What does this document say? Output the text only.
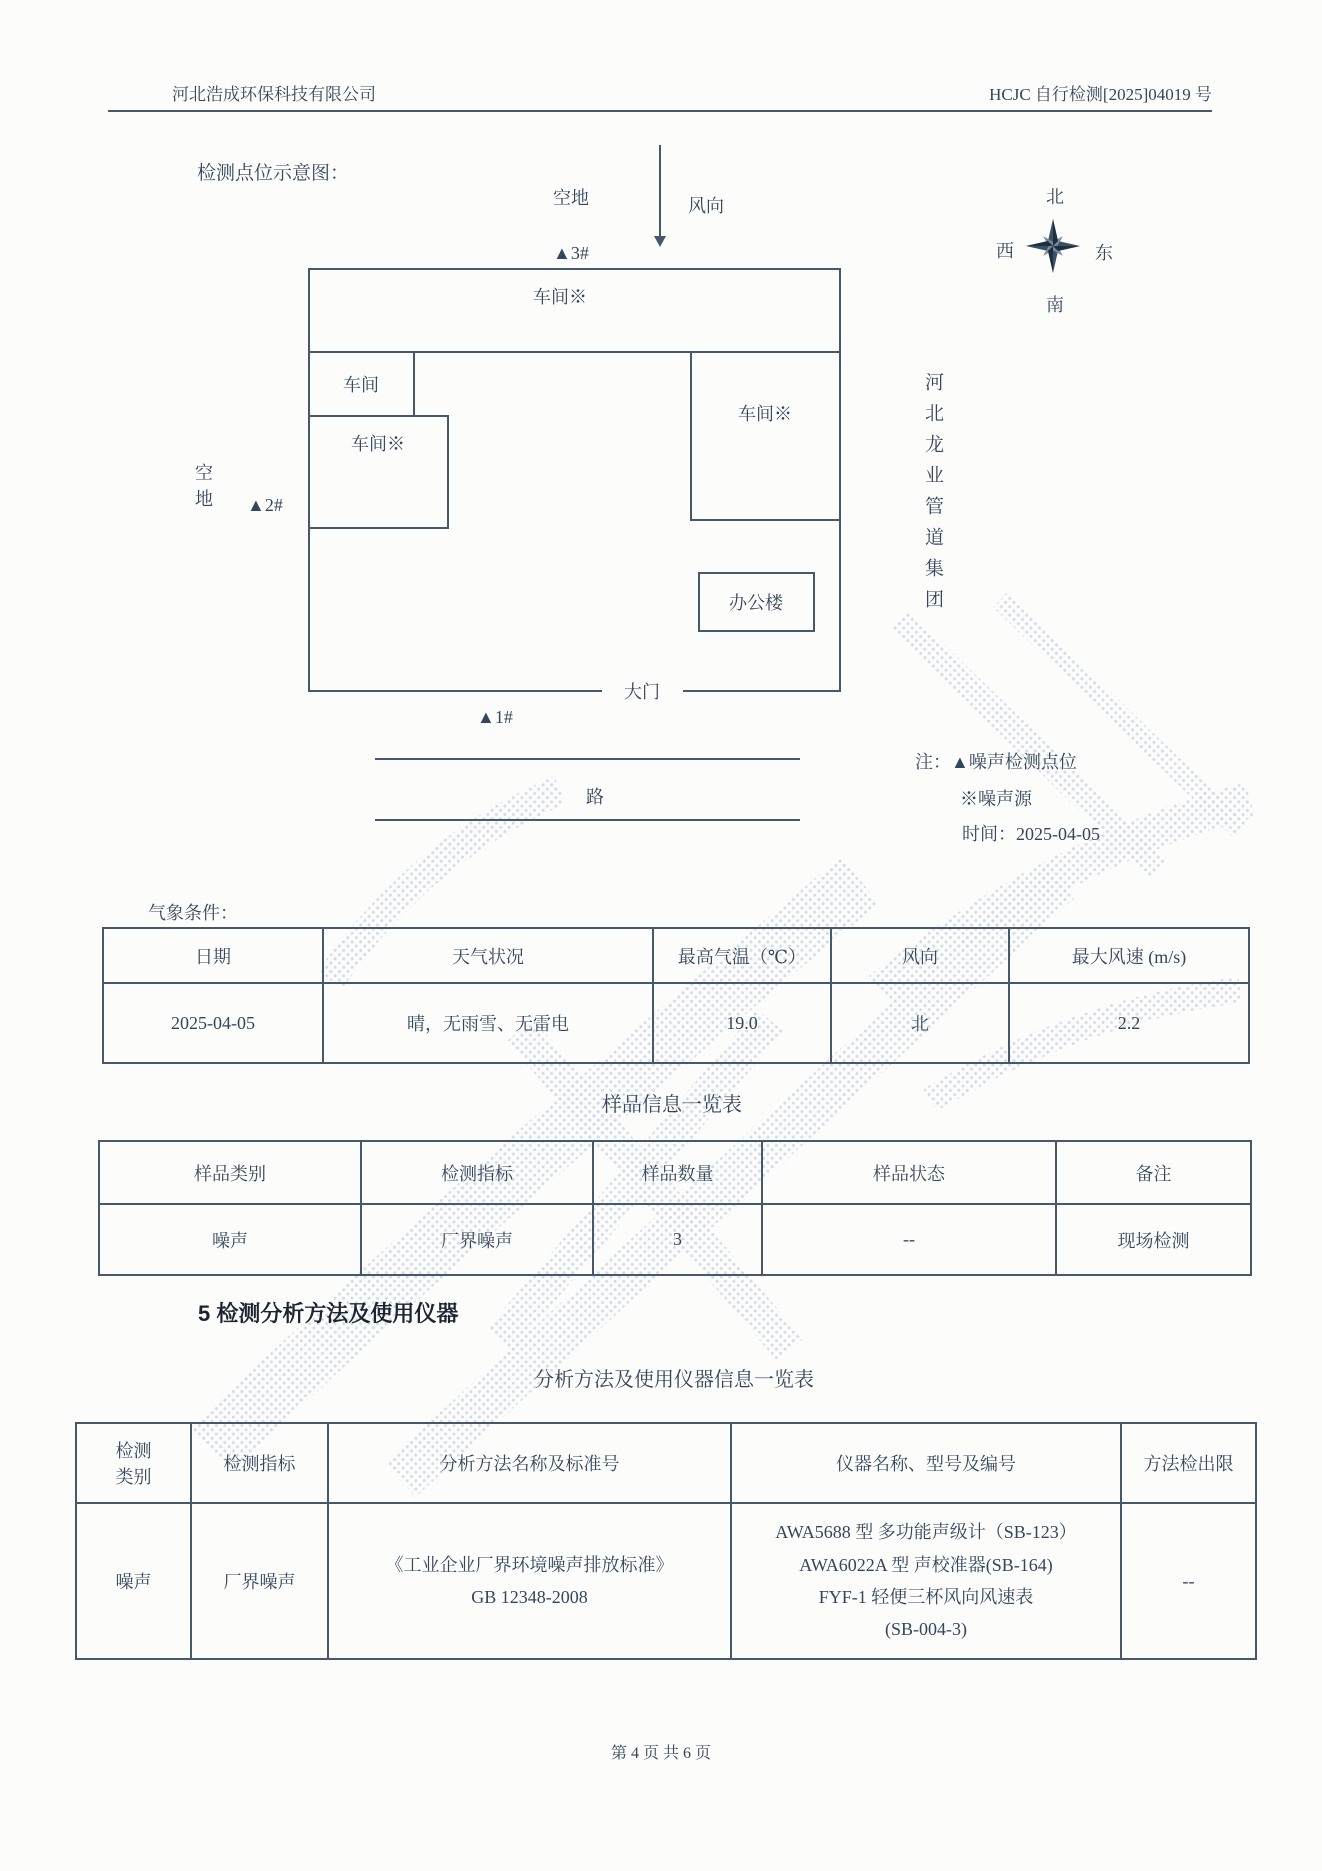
河北浩成环保科技有限公司	HCJC 自行检测[2025]04019 号
检测点位示意图：
空地	风向	北
南
西	东
▲3#
大门
车间※
车间
车间※
车间※
办公楼
空地 ▲2#
▲1#
路
河北龙业管道集团
注：▲噪声检测点位
※噪声源
时间：2025-04-05
气象条件：
日期	天气状况	最高气温（℃）	风向	最大风速 (m/s)
2025-04-05	晴，无雨雪、无雷电	19.0	北	2.2
样品信息一览表
样品类别	检测指标	样品数量	样品状态	备注
噪声	厂界噪声	3	--	现场检测
5 检测分析方法及使用仪器
分析方法及使用仪器信息一览表
检测类别	检测指标	分析方法名称及标准号	仪器名称、型号及编号	方法检出限
噪声	厂界噪声	《工业企业厂界环境噪声排放标准》
GB 12348-2008	AWA5688 型 多功能声级计（SB-123）
AWA6022A 型 声校准器(SB-164)
FYF-1 轻便三杯风向风速表
(SB-004-3)	--
第 4 页 共 6 页
